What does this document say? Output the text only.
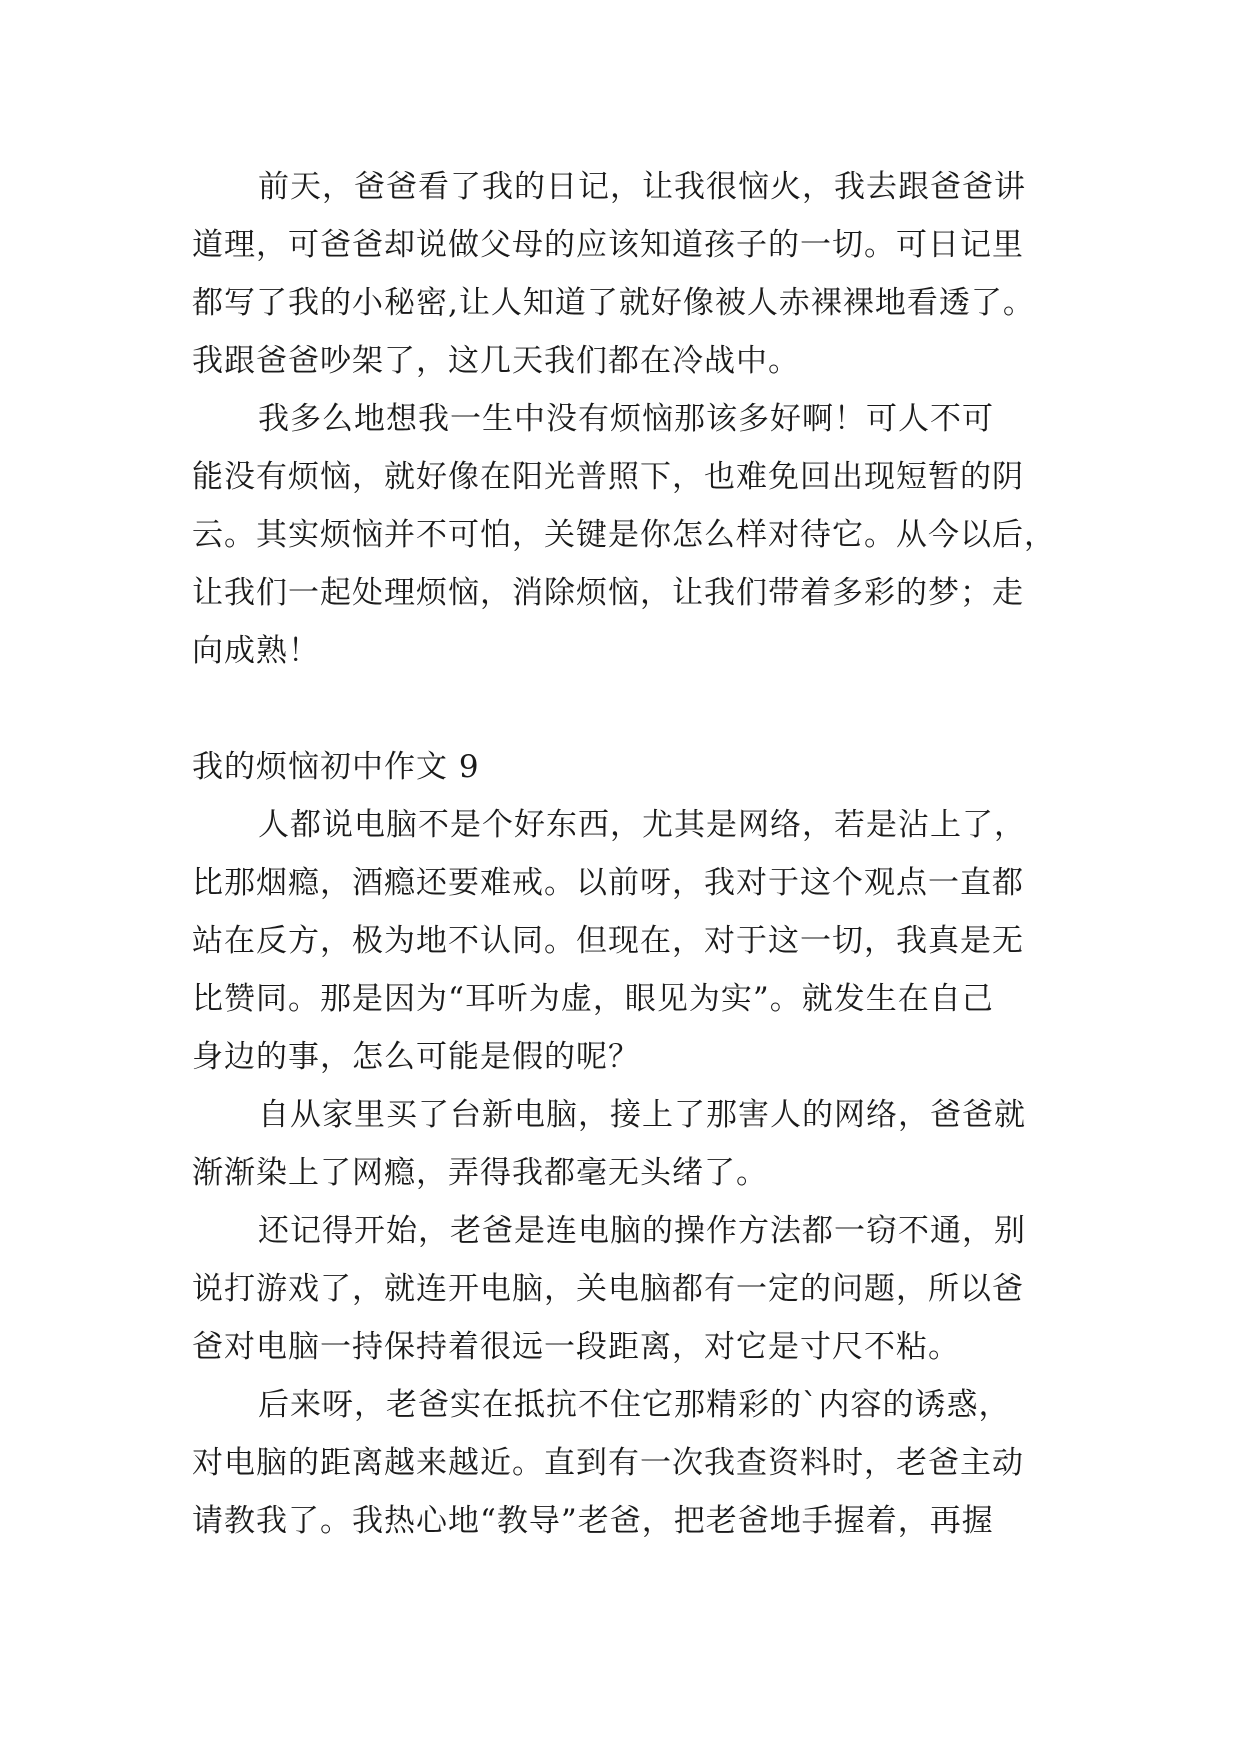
前天，爸爸看了我的日记，让我很恼火，我去跟爸爸讲

道理，可爸爸却说做父母的应该知道孩子的一切。可日记里

都写了我的小秘密,让人知道了就好像被人赤裸裸地看透了。

我跟爸爸吵架了，这几天我们都在冷战中。

我多么地想我一生中没有烦恼那该多好啊！可人不可

能没有烦恼，就好像在阳光普照下，也难免回出现短暂的阴

云。其实烦恼并不可怕，关键是你怎么样对待它。从今以后，

让我们一起处理烦恼，消除烦恼，让我们带着多彩的梦；走

向成熟！

我的烦恼初中作文 9

人都说电脑不是个好东西，尤其是网络，若是沾上了，

比那烟瘾，酒瘾还要难戒。以前呀，我对于这个观点一直都

站在反方，极为地不认同。但现在，对于这一切，我真是无

比赞同。那是因为“耳听为虚，眼见为实”。就发生在自己

身边的事，怎么可能是假的呢？

自从家里买了台新电脑，接上了那害人的网络，爸爸就

渐渐染上了网瘾，弄得我都毫无头绪了。

还记得开始，老爸是连电脑的操作方法都一窃不通，别

说打游戏了，就连开电脑，关电脑都有一定的问题，所以爸

爸对电脑一持保持着很远一段距离，对它是寸尺不粘。

后来呀，老爸实在抵抗不住它那精彩的`内容的诱惑，

对电脑的距离越来越近。直到有一次我查资料时，老爸主动

请教我了。我热心地“教导”老爸，把老爸地手握着，再握
